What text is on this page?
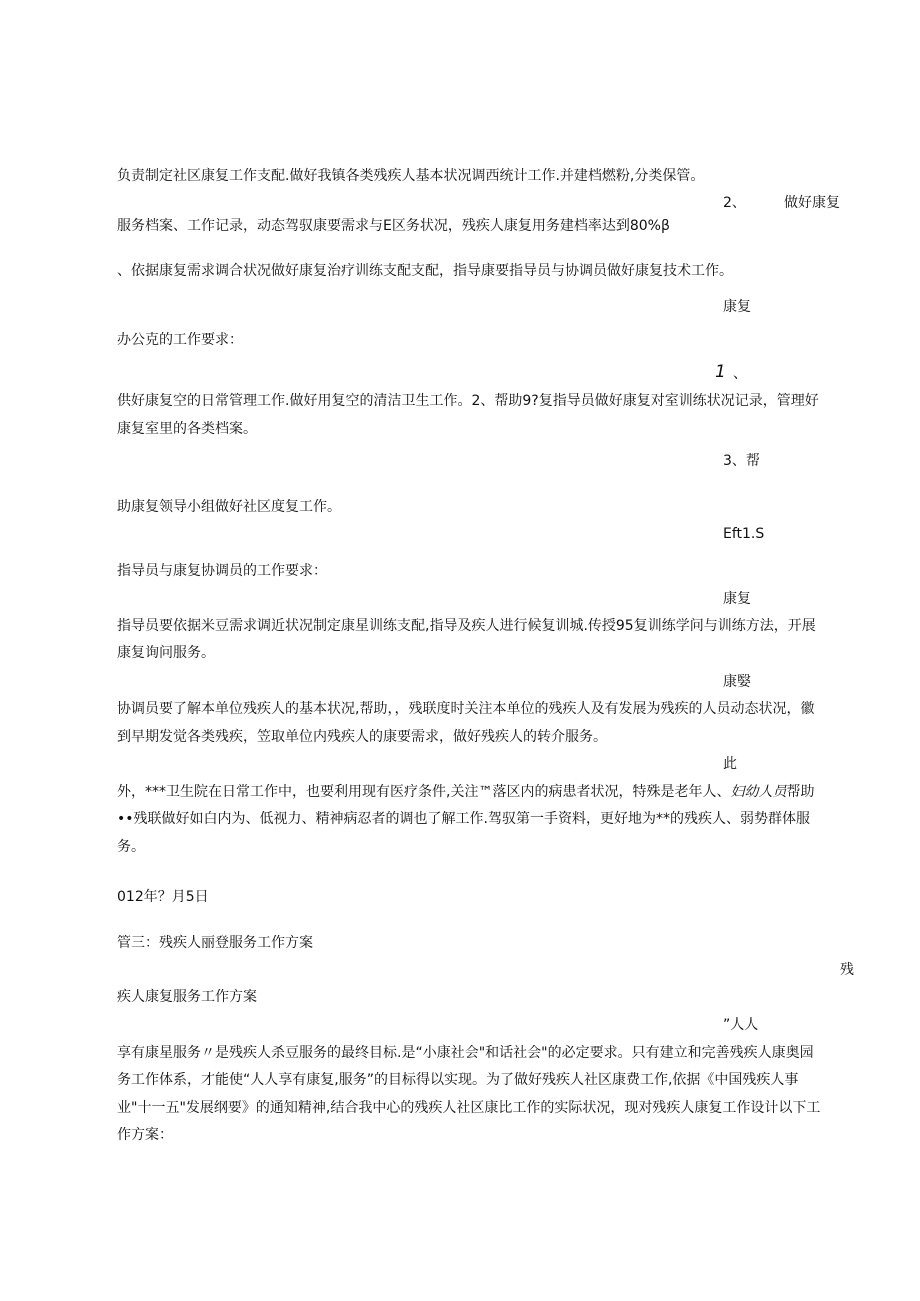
负责制定社区康复工作支配.做好我镇各类残疾人基本状况调西统计工作.并建档燃粉,分类保管。

2、	做好康复

服务档案、工作记录，动态驾驭康要需求与E区务状况，残疾人康复用务建档率达到80%β

、依据康复需求调合状况做好康复治疗训练支配支配，指导康要指导员与协调员做好康复技术工作。

康复

办公克的工作要求：

1 、

供好康复空的日常管理工作.做好用复空的清洁卫生工作。2、帮助9?复指导员做好康复对室训练状况记录，管理好

康复室里的各类档案。

3、帮

助康复领导小组做好社区度复工作。

Eft1.S

指导员与康复协调员的工作要求：

康复

指导员要依据米豆需求调近状况制定康星训练支配,指导及疾人进行候复训城.传授95复训练学问与训练方法，开展

康复询问服务。

康嫛

协调员要了解本单位残疾人的基本状况,帮助，，残联度时关注本单位的残疾人及有发展为残疾的人员动态状况，徽

到早期发觉各类残疾，笠取单位内残疾人的康要需求，做好残疾人的转介服务。

此

外，***卫生院在日常工作中，也要利用现有医疗条件,关注™落区内的病患者状况，特殊是老年人、妇幼人员帮助

••残联做好如白内为、低视力、精神病忍者的调也了解工作.驾驭第一手资料，更好地为**的残疾人、弱势群体服

务。

012年？月5日

管三：残疾人丽登服务工作方案

残

疾人康复服务工作方案

”人人

享有康星服务〃是残疾人杀豆服务的最终目标.是“小康社会"和话社会"的必定要求。只有建立和完善残疾人康奥园

务工作体系，才能使“人人享有康复,服务”的目标得以实现。为了做好残疾人社区康费工作,依据《中国残疾人事

业"十一五"发展纲要》的通知精神,结合我中心的残疾人社区康比工作的实际状况，现对残疾人康复工作设计以下工

作方案：
